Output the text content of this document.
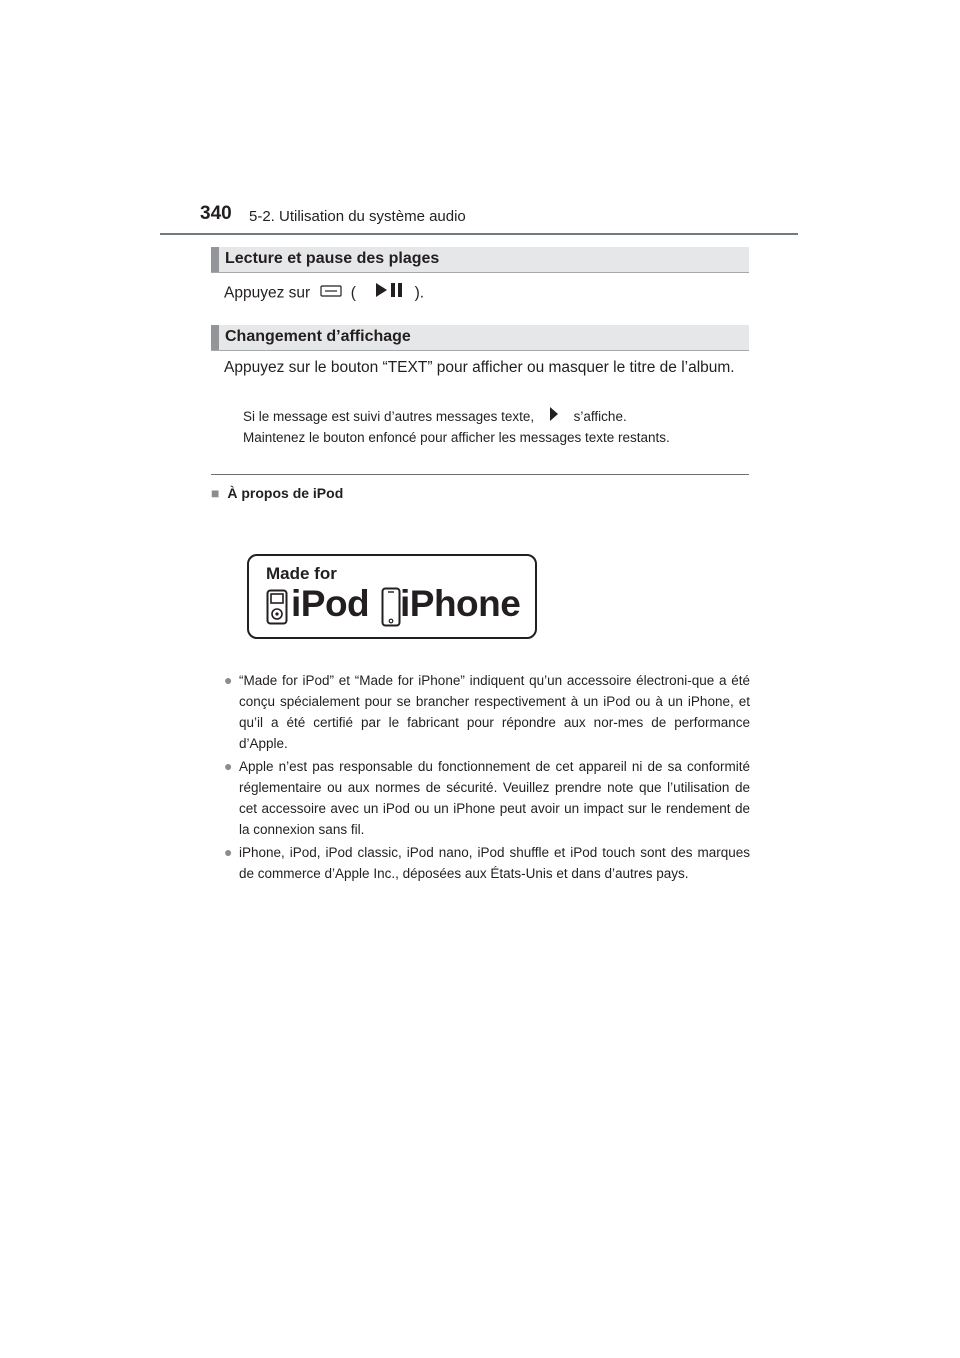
340 5-2. Utilisation du système audio
Lecture et pause des plages
Appuyez sur	(	).
Changement d’affichage
Appuyez sur le bouton “TEXT” pour afficher ou masquer le titre de l’album.
Si le message est suivi d’autres messages texte,	s’affiche.
Maintenez le bouton enfoncé pour afficher les messages texte restants.
■ À propos de iPod
Made for
iPod iPhone
● “Made for iPod” et “Made for iPhone” indiquent qu’un accessoire électroni-que a été conçu spécialement pour se brancher respectivement à un iPod ou à un iPhone, et qu’il a été certifié par le fabricant pour répondre aux nor-mes de performance d’Apple.
● Apple n’est pas responsable du fonctionnement de cet appareil ni de sa conformité réglementaire ou aux normes de sécurité. Veuillez prendre note que l’utilisation de cet accessoire avec un iPod ou un iPhone peut avoir un impact sur le rendement de la connexion sans fil.
● iPhone, iPod, iPod classic, iPod nano, iPod shuffle et iPod touch sont des marques de commerce d’Apple Inc., déposées aux États-Unis et dans d’autres pays.
